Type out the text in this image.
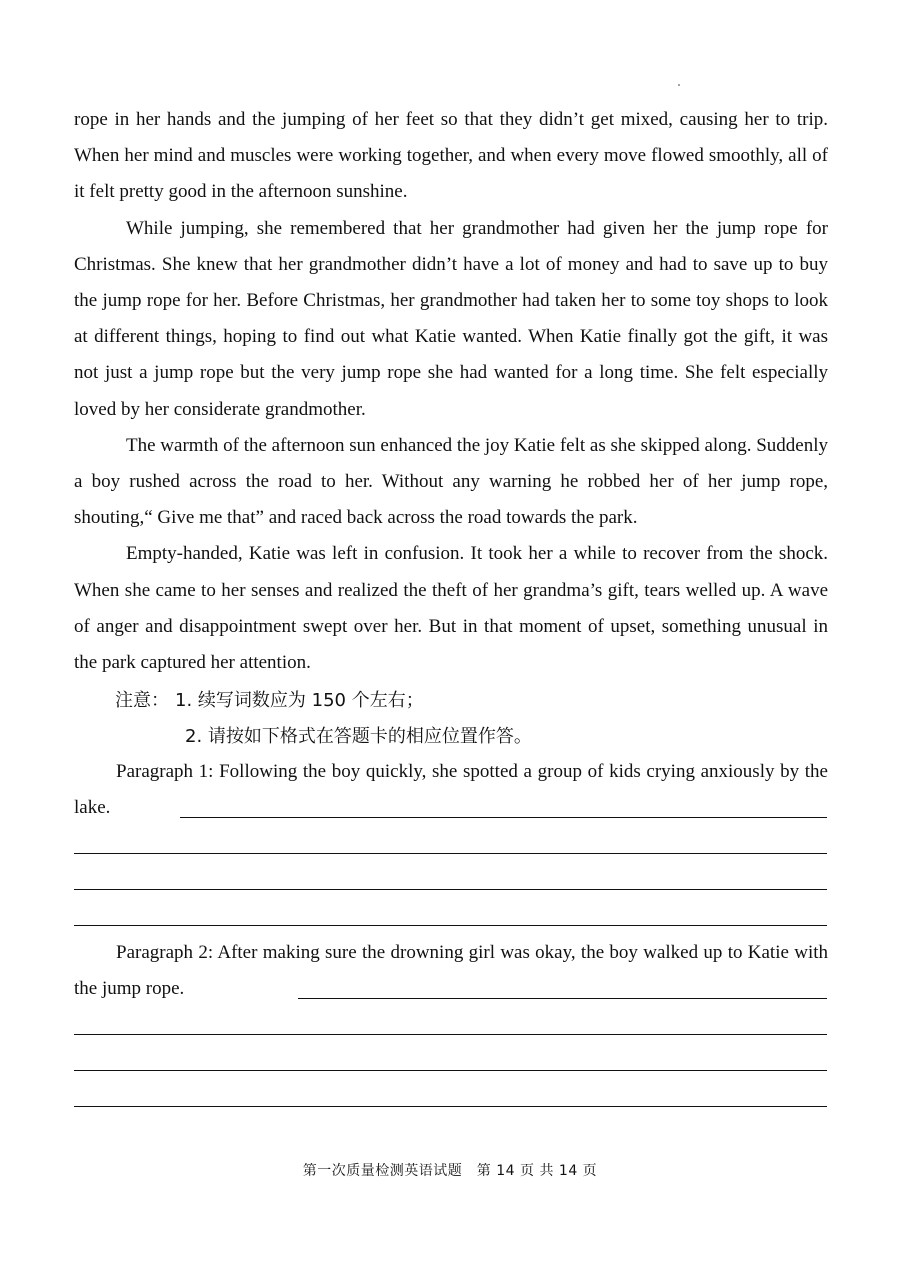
rope in her hands and the jumping of her feet so that they didn’t get mixed, causing her to trip. When her mind and muscles were working together, and when every move flowed smoothly, all of it felt pretty good in the afternoon sunshine.

While jumping, she remembered that her grandmother had given her the jump rope for Christmas. She knew that her grandmother didn’t have a lot of money and had to save up to buy the jump rope for her. Before Christmas, her grandmother had taken her to some toy shops to look at different things, hoping to find out what Katie wanted. When Katie finally got the gift, it was not just a jump rope but the very jump rope she had wanted for a long time. She felt especially loved by her considerate grandmother.

The warmth of the afternoon sun enhanced the joy Katie felt as she skipped along. Suddenly a boy rushed across the road to her. Without any warning he robbed her of her jump rope, shouting,“ Give me that” and raced back across the road towards the park.

Empty-handed, Katie was left in confusion. It took her a while to recover from the shock. When she came to her senses and realized the theft of her grandma’s gift, tears welled up. A wave of anger and disappointment swept over her. But in that moment of upset, something unusual in the park captured her attention.

注意： 1. 续写词数应为 150 个左右；
2. 请按如下格式在答题卡的相应位置作答。

Paragraph 1: Following the boy quickly, she spotted a group of kids crying anxiously by the lake.

Paragraph 2: After making sure the drowning girl was okay, the boy walked up to Katie with the jump rope.

第一次质量检测英语试题　第 14 页 共 14 页
